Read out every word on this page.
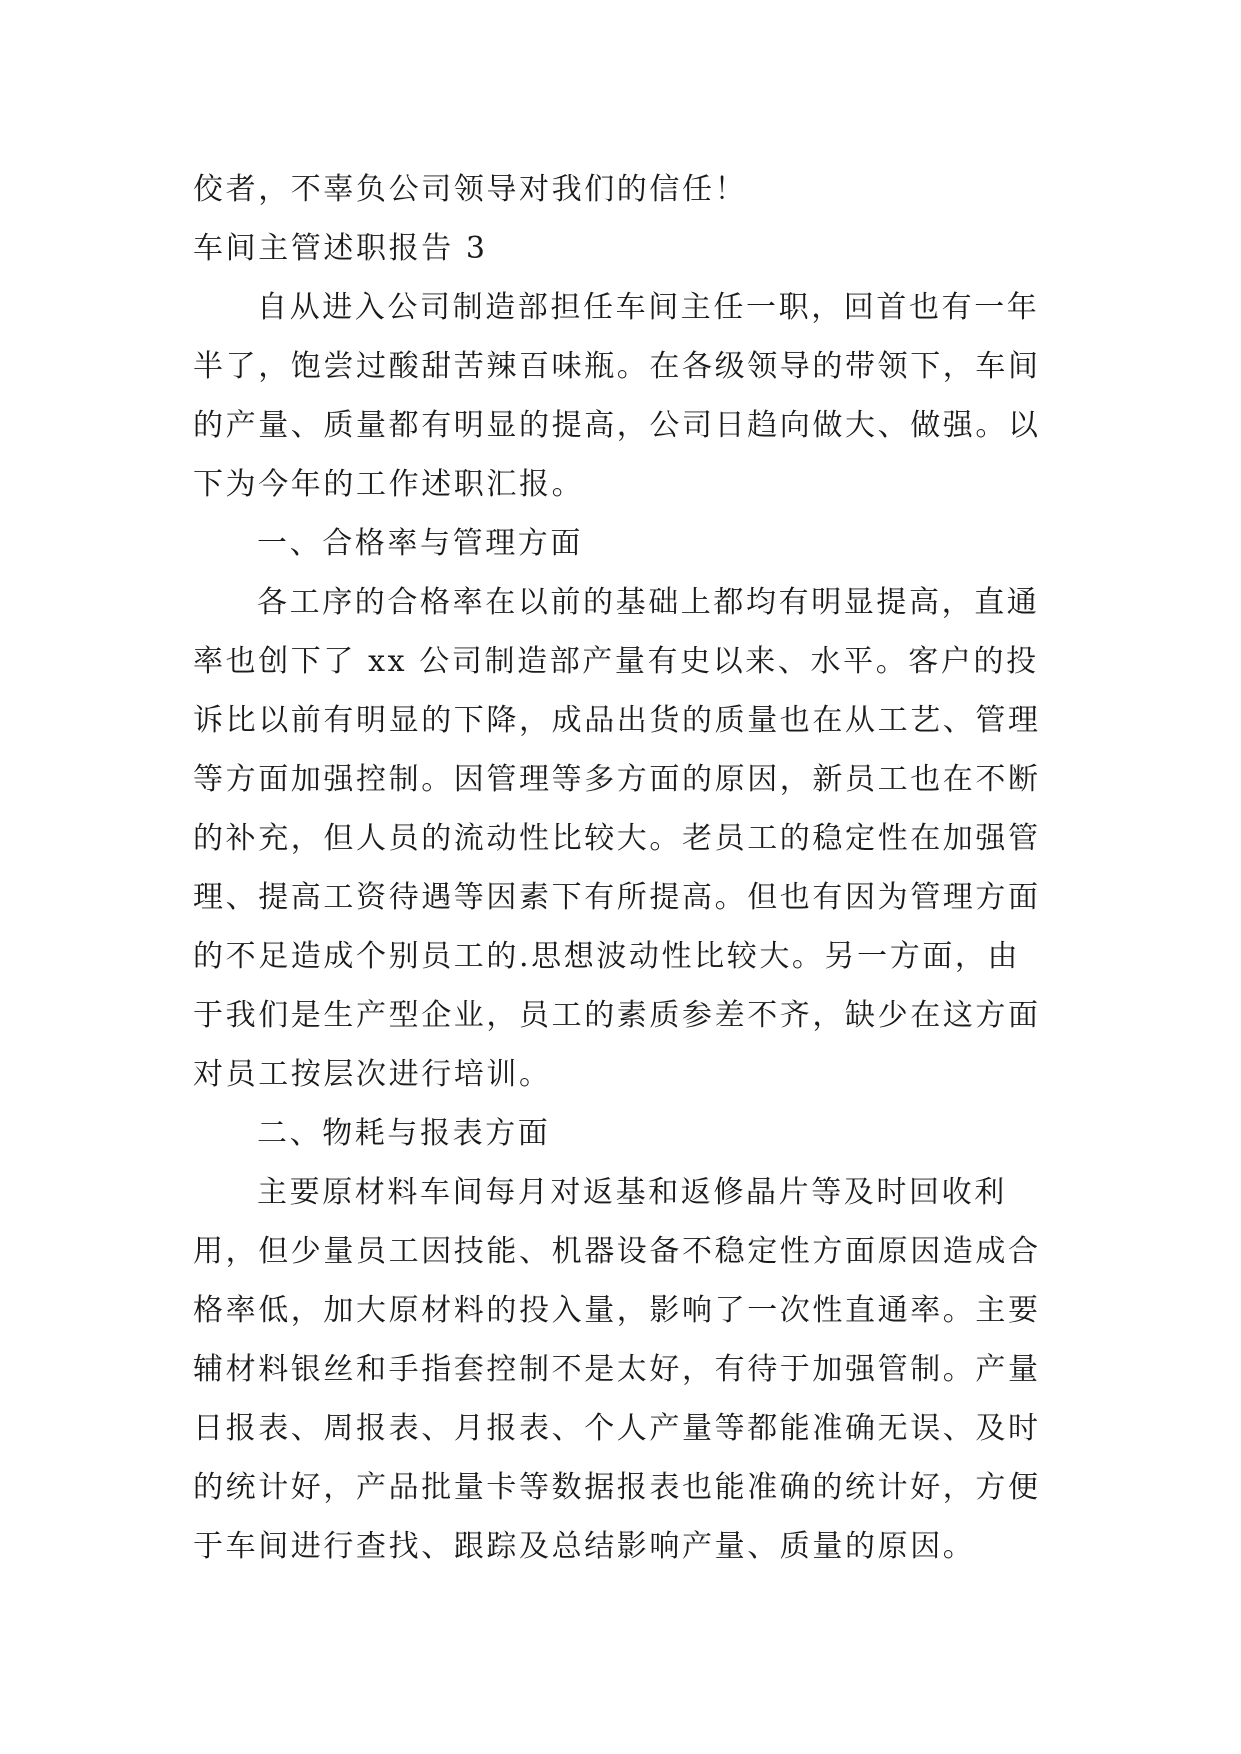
佼者，不辜负公司领导对我们的信任！
车间主管述职报告 3
自从进入公司制造部担任车间主任一职，回首也有一年
半了，饱尝过酸甜苦辣百味瓶。在各级领导的带领下，车间
的产量、质量都有明显的提高，公司日趋向做大、做强。以
下为今年的工作述职汇报。
一、合格率与管理方面
各工序的合格率在以前的基础上都均有明显提高，直通
率也创下了 xx 公司制造部产量有史以来、水平。客户的投
诉比以前有明显的下降，成品出货的质量也在从工艺、管理
等方面加强控制。因管理等多方面的原因，新员工也在不断
的补充，但人员的流动性比较大。老员工的稳定性在加强管
理、提高工资待遇等因素下有所提高。但也有因为管理方面
的不足造成个别员工的.思想波动性比较大。另一方面，由
于我们是生产型企业，员工的素质参差不齐，缺少在这方面
对员工按层次进行培训。
二、物耗与报表方面
主要原材料车间每月对返基和返修晶片等及时回收利
用，但少量员工因技能、机器设备不稳定性方面原因造成合
格率低，加大原材料的投入量，影响了一次性直通率。主要
辅材料银丝和手指套控制不是太好，有待于加强管制。产量
日报表、周报表、月报表、个人产量等都能准确无误、及时
的统计好，产品批量卡等数据报表也能准确的统计好，方便
于车间进行查找、跟踪及总结影响产量、质量的原因。
